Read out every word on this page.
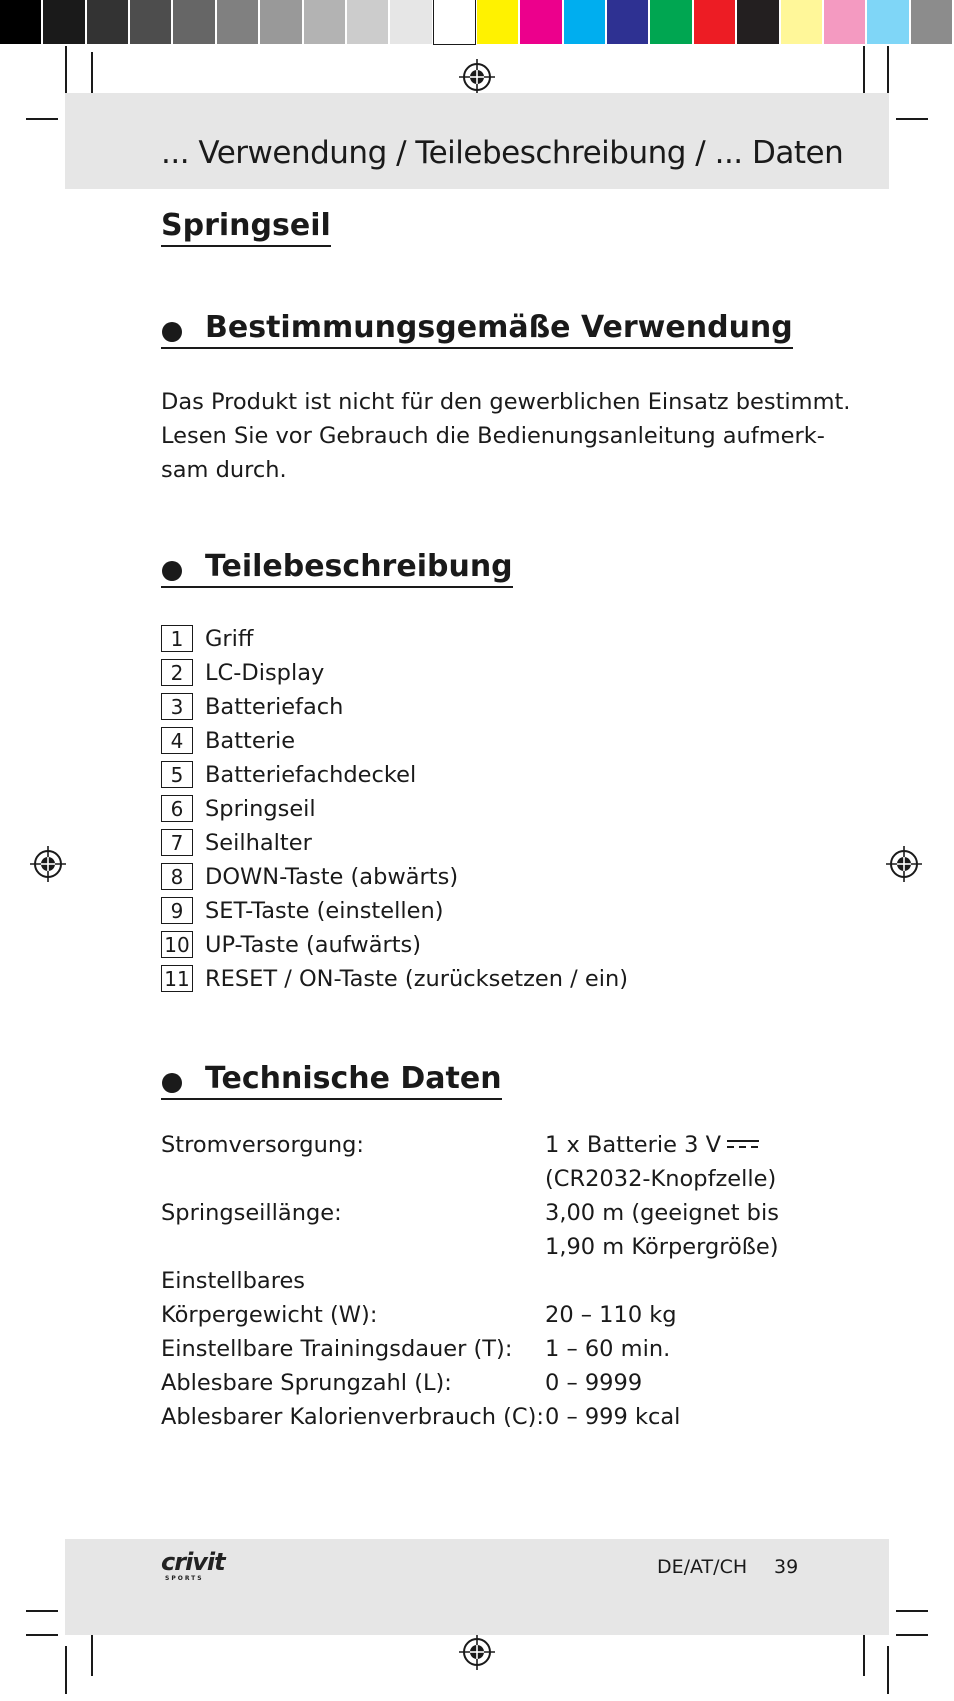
... Verwendung / Teilebeschreibung / ... Daten
Springseil
Bestimmungsgemäße Verwendung
Das Produkt ist nicht für den gewerblichen Einsatz bestimmt.
Lesen Sie vor Gebrauch die Bedienungsanleitung aufmerk-
sam durch.
Teilebeschreibung
1 Griff
2 LC-Display
3 Batteriefach
4 Batterie
5 Batteriefachdeckel
6 Springseil
7 Seilhalter
8 DOWN-Taste (abwärts)
9 SET-Taste (einstellen)
10 UP-Taste (aufwärts)
11 RESET / ON-Taste (zurücksetzen / ein)
Technische Daten
Stromversorgung:	1 x Batterie 3 V
(CR2032-Knopfzelle)
Springseillänge:	3,00 m (geeignet bis
1,90 m Körpergröße)
Einstellbares
Körpergewicht (W):	20 – 110 kg
Einstellbare Trainingsdauer (T): 1 – 60 min.
Ablesbare Sprungzahl (L):	0 – 9999
Ablesbarer Kalorienverbrauch (C): 0 – 999 kcal
crivit
SPORTS
DE/AT/CH 39
